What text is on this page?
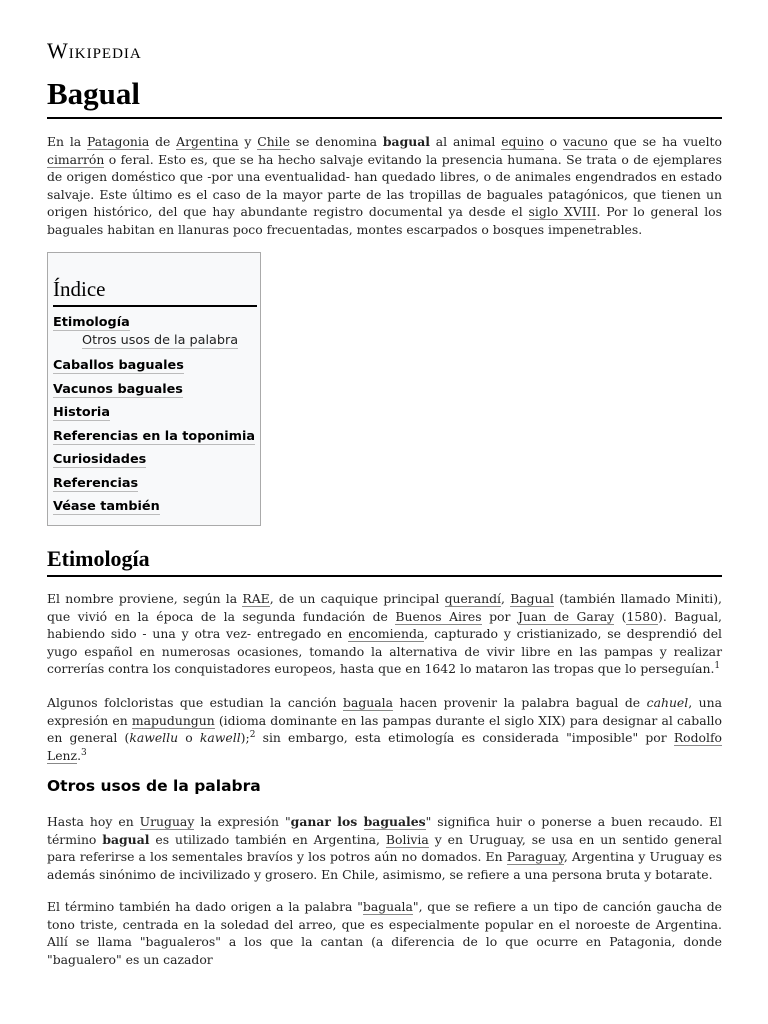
Wikipedia
Bagual

En la Patagonia de Argentina y Chile se denomina bagual al animal equino o vacuno que se ha vuelto cimarrón o feral. Esto es, que se ha hecho salvaje evitando la presencia humana. Se trata o de ejemplares de origen doméstico que -por una eventualidad- han quedado libres, o de animales engendrados en estado salvaje. Este último es el caso de la mayor parte de las tropillas de baguales patagónicos, que tienen un origen histórico, del que hay abundante registro documental ya desde el siglo XVIII. Por lo general los baguales habitan en llanuras poco frecuentadas, montes escarpados o bosques impenetrables.

Índice
Etimología
Otros usos de la palabra
Caballos baguales
Vacunos baguales
Historia
Referencias en la toponimia
Curiosidades
Referencias
Véase también
Etimología

El nombre proviene, según la RAE, de un caquique principal querandí, Bagual (también llamado Miniti), que vivió en la época de la segunda fundación de Buenos Aires por Juan de Garay (1580). Bagual, habiendo sido - una y otra vez- entregado en encomienda, capturado y cristianizado, se desprendió del yugo español en numerosas ocasiones, tomando la alternativa de vivir libre en las pampas y realizar correrías contra los conquistadores europeos, hasta que en 1642 lo mataron las tropas que lo perseguían.$^1$

Algunos folcloristas que estudian la canción baguala hacen provenir la palabra bagual de cahuel, una expresión en mapudungun (idioma dominante en las pampas durante el siglo XIX) para designar al caballo en general (kawellu o kawell);$^2$ sin embargo, esta etimología es considerada "imposible" por Rodolfo Lenz.$^3$

Otros usos de la palabra

Hasta hoy en Uruguay la expresión "ganar los baguales" significa huir o ponerse a buen recaudo. El término bagual es utilizado también en Argentina, Bolivia y en Uruguay, se usa en un sentido general para referirse a los sementales bravíos y los potros aún no domados. En Paraguay, Argentina y Uruguay es además sinónimo de incivilizado y grosero. En Chile, asimismo, se refiere a una persona bruta y botarate.

El término también ha dado origen a la palabra "baguala", que se refiere a un tipo de canción gaucha de tono triste, centrada en la soledad del arreo, que es especialmente popular en el noroeste de Argentina. Allí se llama "bagualeros" a los que la cantan (a diferencia de lo que ocurre en Patagonia, donde "bagualero" es un cazador
